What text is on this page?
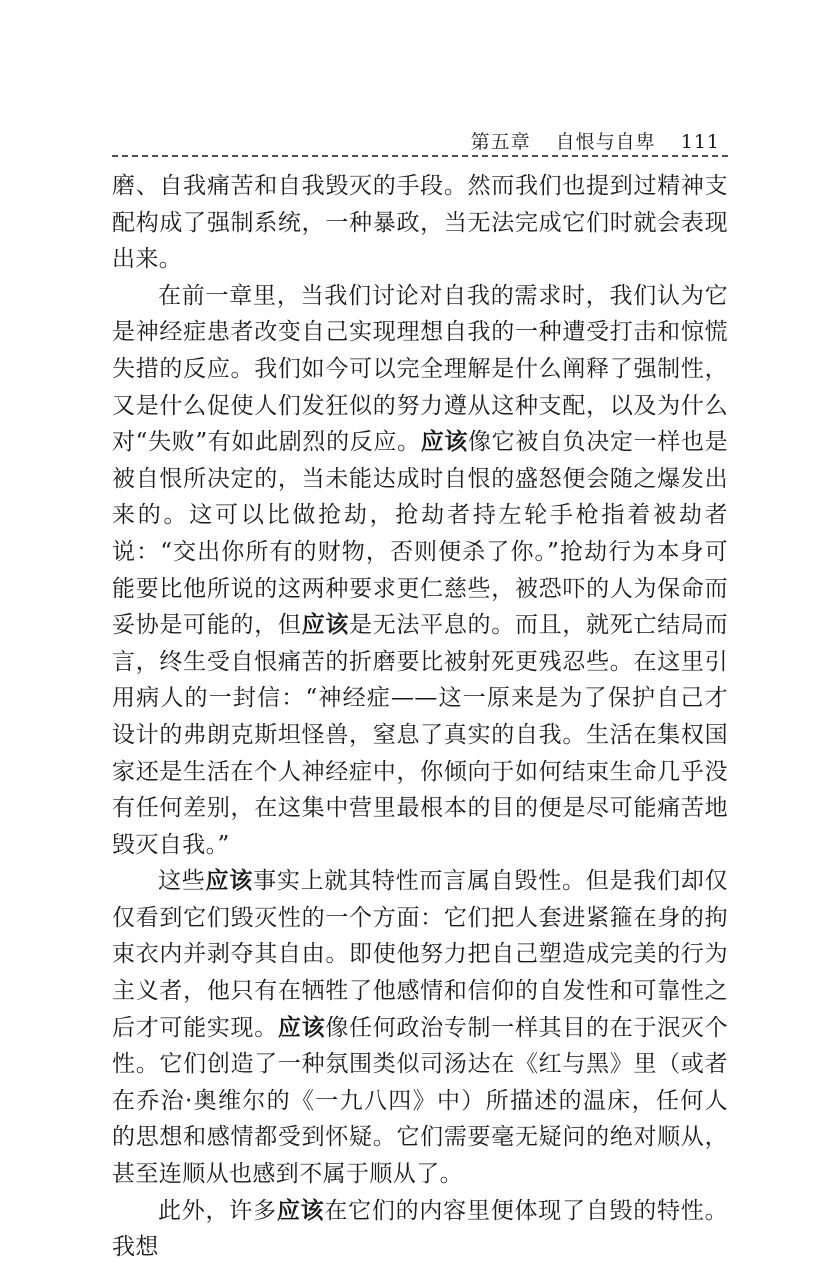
第五章 自恨与自卑 111

磨、自我痛苦和自我毁灭的手段。然而我们也提到过精神支配构成了强制系统，一种暴政，当无法完成它们时就会表现出来。

在前一章里，当我们讨论对自我的需求时，我们认为它是神经症患者改变自己实现理想自我的一种遭受打击和惊慌失措的反应。我们如今可以完全理解是什么阐释了强制性，又是什么促使人们发狂似的努力遵从这种支配，以及为什么对“失败”有如此剧烈的反应。应该像它被自负决定一样也是被自恨所决定的，当未能达成时自恨的盛怒便会随之爆发出来的。这可以比做抢劫，抢劫者持左轮手枪指着被劫者说：“交出你所有的财物，否则便杀了你。”抢劫行为本身可能要比他所说的这两种要求更仁慈些，被恐吓的人为保命而妥协是可能的，但应该是无法平息的。而且，就死亡结局而言，终生受自恨痛苦的折磨要比被射死更残忍些。在这里引用病人的一封信：“神经症——这一原来是为了保护自己才设计的弗朗克斯坦怪兽，窒息了真实的自我。生活在集权国家还是生活在个人神经症中，你倾向于如何结束生命几乎没有任何差别，在这集中营里最根本的目的便是尽可能痛苦地毁灭自我。”

这些应该事实上就其特性而言属自毁性。但是我们却仅仅看到它们毁灭性的一个方面：它们把人套进紧箍在身的拘束衣内并剥夺其自由。即使他努力把自己塑造成完美的行为主义者，他只有在牺牲了他感情和信仰的自发性和可靠性之后才可能实现。应该像任何政治专制一样其目的在于泯灭个性。它们创造了一种氛围类似司汤达在《红与黑》里（或者在乔治·奥维尔的《一九八四》中）所描述的温床，任何人的思想和感情都受到怀疑。它们需要毫无疑问的绝对顺从，甚至连顺从也感到不属于顺从了。

此外，许多应该在它们的内容里便体现了自毁的特性。我想
